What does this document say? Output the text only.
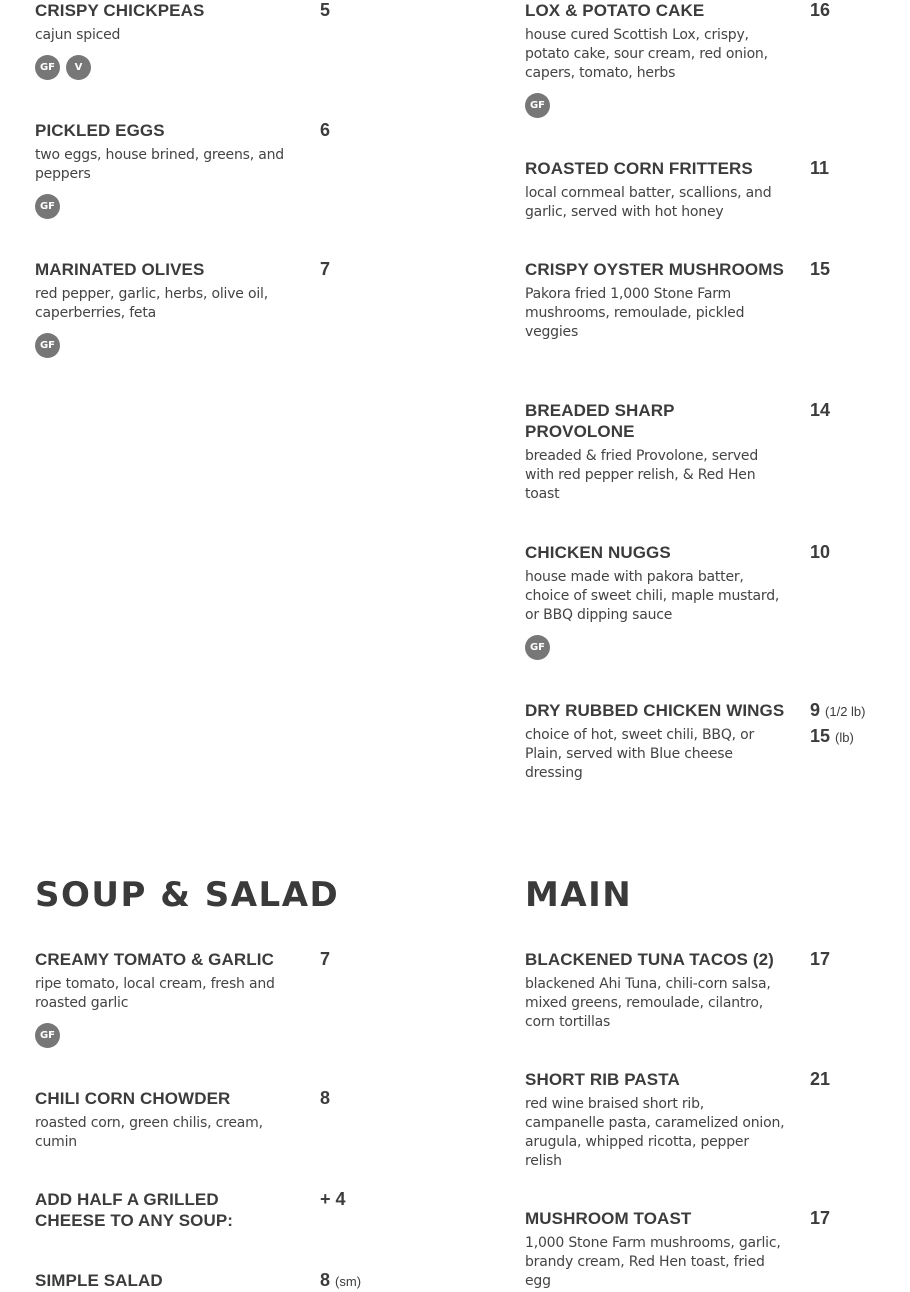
CRISPY CHICKPEAS
cajun spiced
GF	V
5
PICKLED EGGS
two eggs, house brined, greens, and peppers
GF
6
MARINATED OLIVES
red pepper, garlic, herbs, olive oil, caperberries, feta
GF
7
LOX & POTATO CAKE
house cured Scottish Lox, crispy, potato cake, sour cream, red onion, capers, tomato, herbs
GF
16
ROASTED CORN FRITTERS
local cornmeal batter, scallions, and garlic, served with hot honey
11
CRISPY OYSTER MUSHROOMS
Pakora fried 1,000 Stone Farm mushrooms, remoulade, pickled veggies
15
BREADED SHARP PROVOLONE
breaded & fried Provolone, served with red pepper relish, & Red Hen toast
14
CHICKEN NUGGS
house made with pakora batter, choice of sweet chili, maple mustard, or BBQ dipping sauce
GF
10
DRY RUBBED CHICKEN WINGS
choice of hot, sweet chili, BBQ, or Plain, served with Blue cheese dressing
9 (1/2 lb)
15 (lb)
SOUP & SALAD	MAIN
CREAMY TOMATO & GARLIC
ripe tomato, local cream, fresh and roasted garlic
GF
7
CHILI CORN CHOWDER
roasted corn, green chilis, cream, cumin
8
ADD HALF A GRILLED CHEESE TO ANY SOUP:
+ 4
SIMPLE SALAD	8 (sm)
BLACKENED TUNA TACOS (2)
blackened Ahi Tuna, chili-corn salsa, mixed greens, remoulade, cilantro, corn tortillas
17
SHORT RIB PASTA
red wine braised short rib, campanelle pasta, caramelized onion, arugula, whipped ricotta, pepper relish
21
MUSHROOM TOAST
1,000 Stone Farm mushrooms, garlic, brandy cream, Red Hen toast, fried egg
17
